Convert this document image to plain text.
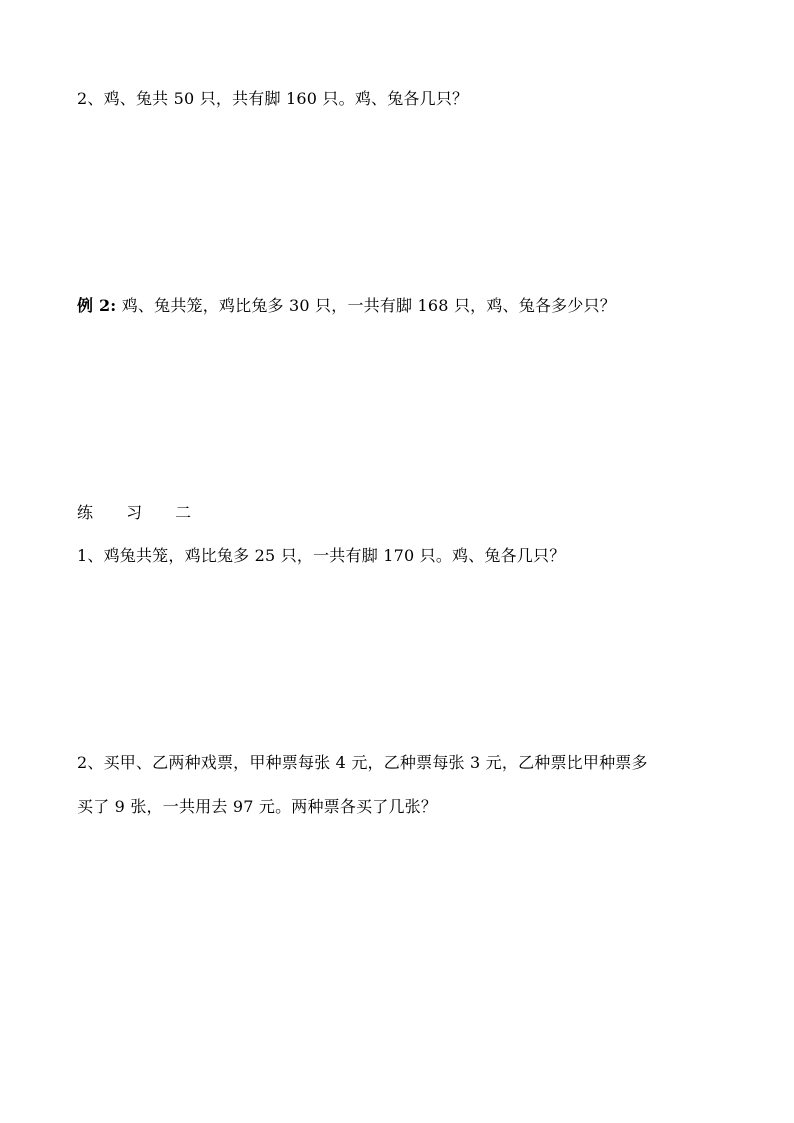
2、鸡、兔共 50 只，共有脚 160 只。鸡、兔各几只？
例 2: 鸡、兔共笼，鸡比兔多 30 只，一共有脚 168 只，鸡、兔各多少只？
练 习 二
1、鸡兔共笼，鸡比兔多 25 只，一共有脚 170 只。鸡、兔各几只？
2、买甲、乙两种戏票，甲种票每张 4 元，乙种票每张 3 元，乙种票比甲种票多
买了 9 张，一共用去 97 元。两种票各买了几张？
